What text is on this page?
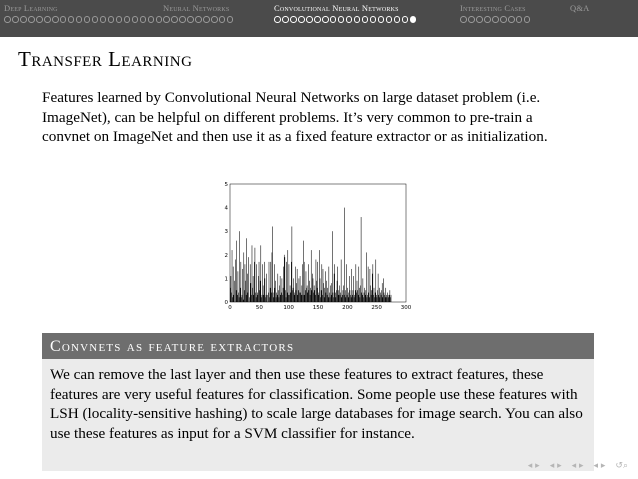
Deep Learning	Neural Networks	Convolutional Neural Networks	Interesting Cases	Q&A
Transfer Learning
Features learned by Convolutional Neural Networks on large dataset problem (i.e. ImageNet), can be helpful on different problems. It’s very common to pre-train a convnet on ImageNet and then use it as a fixed feature extractor or as initialization.
0	50	100	150	200	250	300
0
1
2
3
4
5
Convnets as feature extractors
We can remove the last layer and then use these features to extract features, these features are very useful features for classification. Some people use these features with LSH (locality-sensitive hashing) to scale large databases for image search. You can also use these features as input for a SVM classifier for instance.
◂ ▸ ◂ ▸ ◂ ▸ ◂ ▸ ↺⌕
